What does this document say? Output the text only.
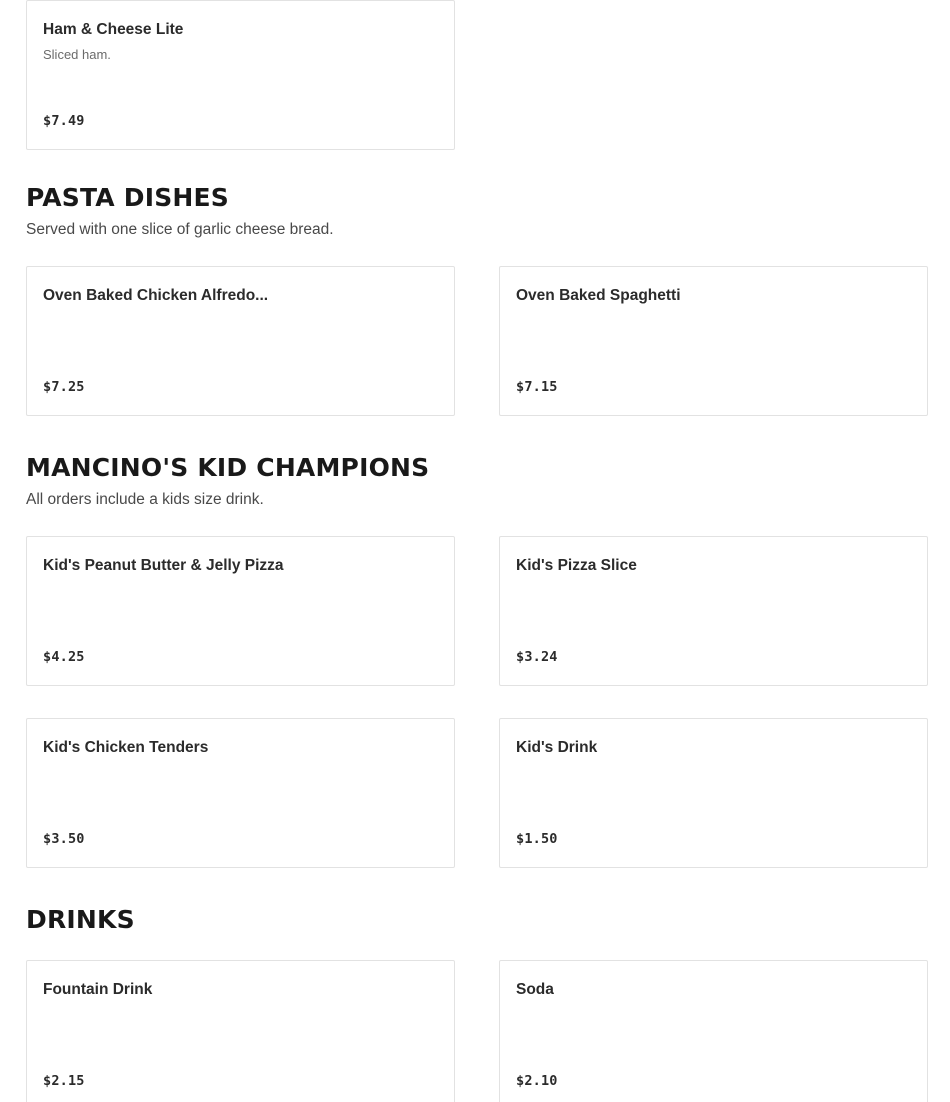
Ham & Cheese Lite
Sliced ham.
$7.49
PASTA DISHES

Served with one slice of garlic cheese bread.

Oven Baked Chicken Alfredo...
$7.25
Oven Baked Spaghetti
$7.15
MANCINO'S KID CHAMPIONS

All orders include a kids size drink.

Kid's Peanut Butter & Jelly Pizza
$4.25
Kid's Pizza Slice
$3.24
Kid's Chicken Tenders
$3.50
Kid's Drink
$1.50
DRINKS
Fountain Drink
$2.15
Soda
$2.10
